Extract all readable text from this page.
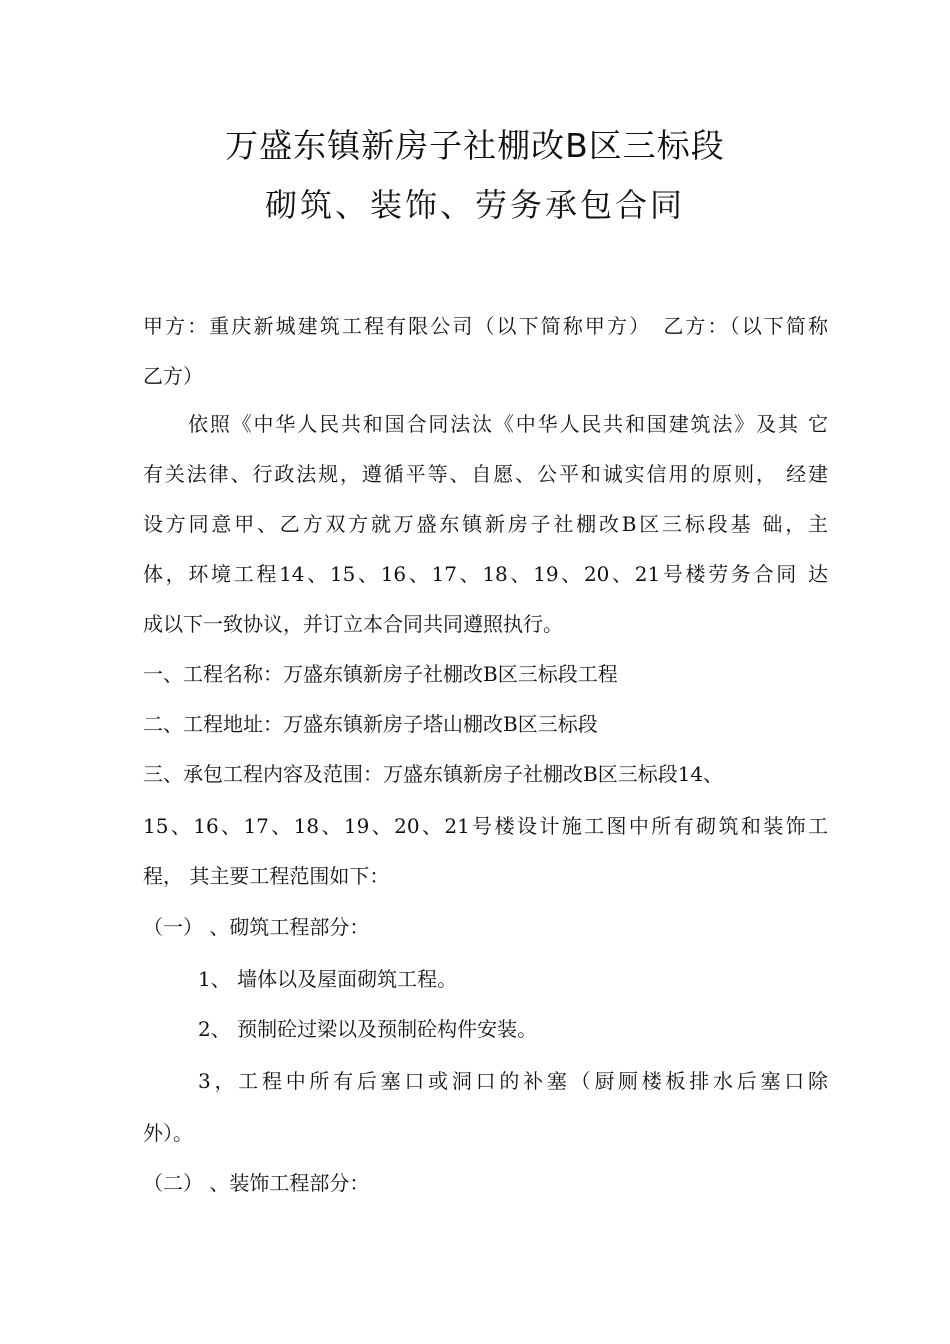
万盛东镇新房子社棚改B区三标段
砌筑、装饰、劳务承包合同

甲方：重庆新城建筑工程有限公司（以下简称甲方）　乙方：（以下简称

乙方）

依照《中华人民共和国合同法汰《中华人民共和国建筑法》及其 它

有关法律、行政法规，遵循平等、自愿、公平和诚实信用的原则， 经建

设方同意甲、乙方双方就万盛东镇新房子社棚改B区三标段基 础，主

体，环境工程14、15、16、17、18、19、20、21号楼劳务合同 达

成以下一致协议，并订立本合同共同遵照执行。

一、工程名称：万盛东镇新房子社棚改B区三标段工程

二、工程地址：万盛东镇新房子塔山棚改B区三标段

三、承包工程内容及范围：万盛东镇新房子社棚改B区三标段14、

15、16、17、18、19、20、21号楼设计施工图中所有砌筑和装饰工

程， 其主要工程范围如下：

（一） 、砌筑工程部分：

1、 墙体以及屋面砌筑工程。

2、 预制砼过梁以及预制砼构件安装。

3，工程中所有后塞口或洞口的补塞（厨厕楼板排水后塞口除

外）。

（二） 、装饰工程部分：
